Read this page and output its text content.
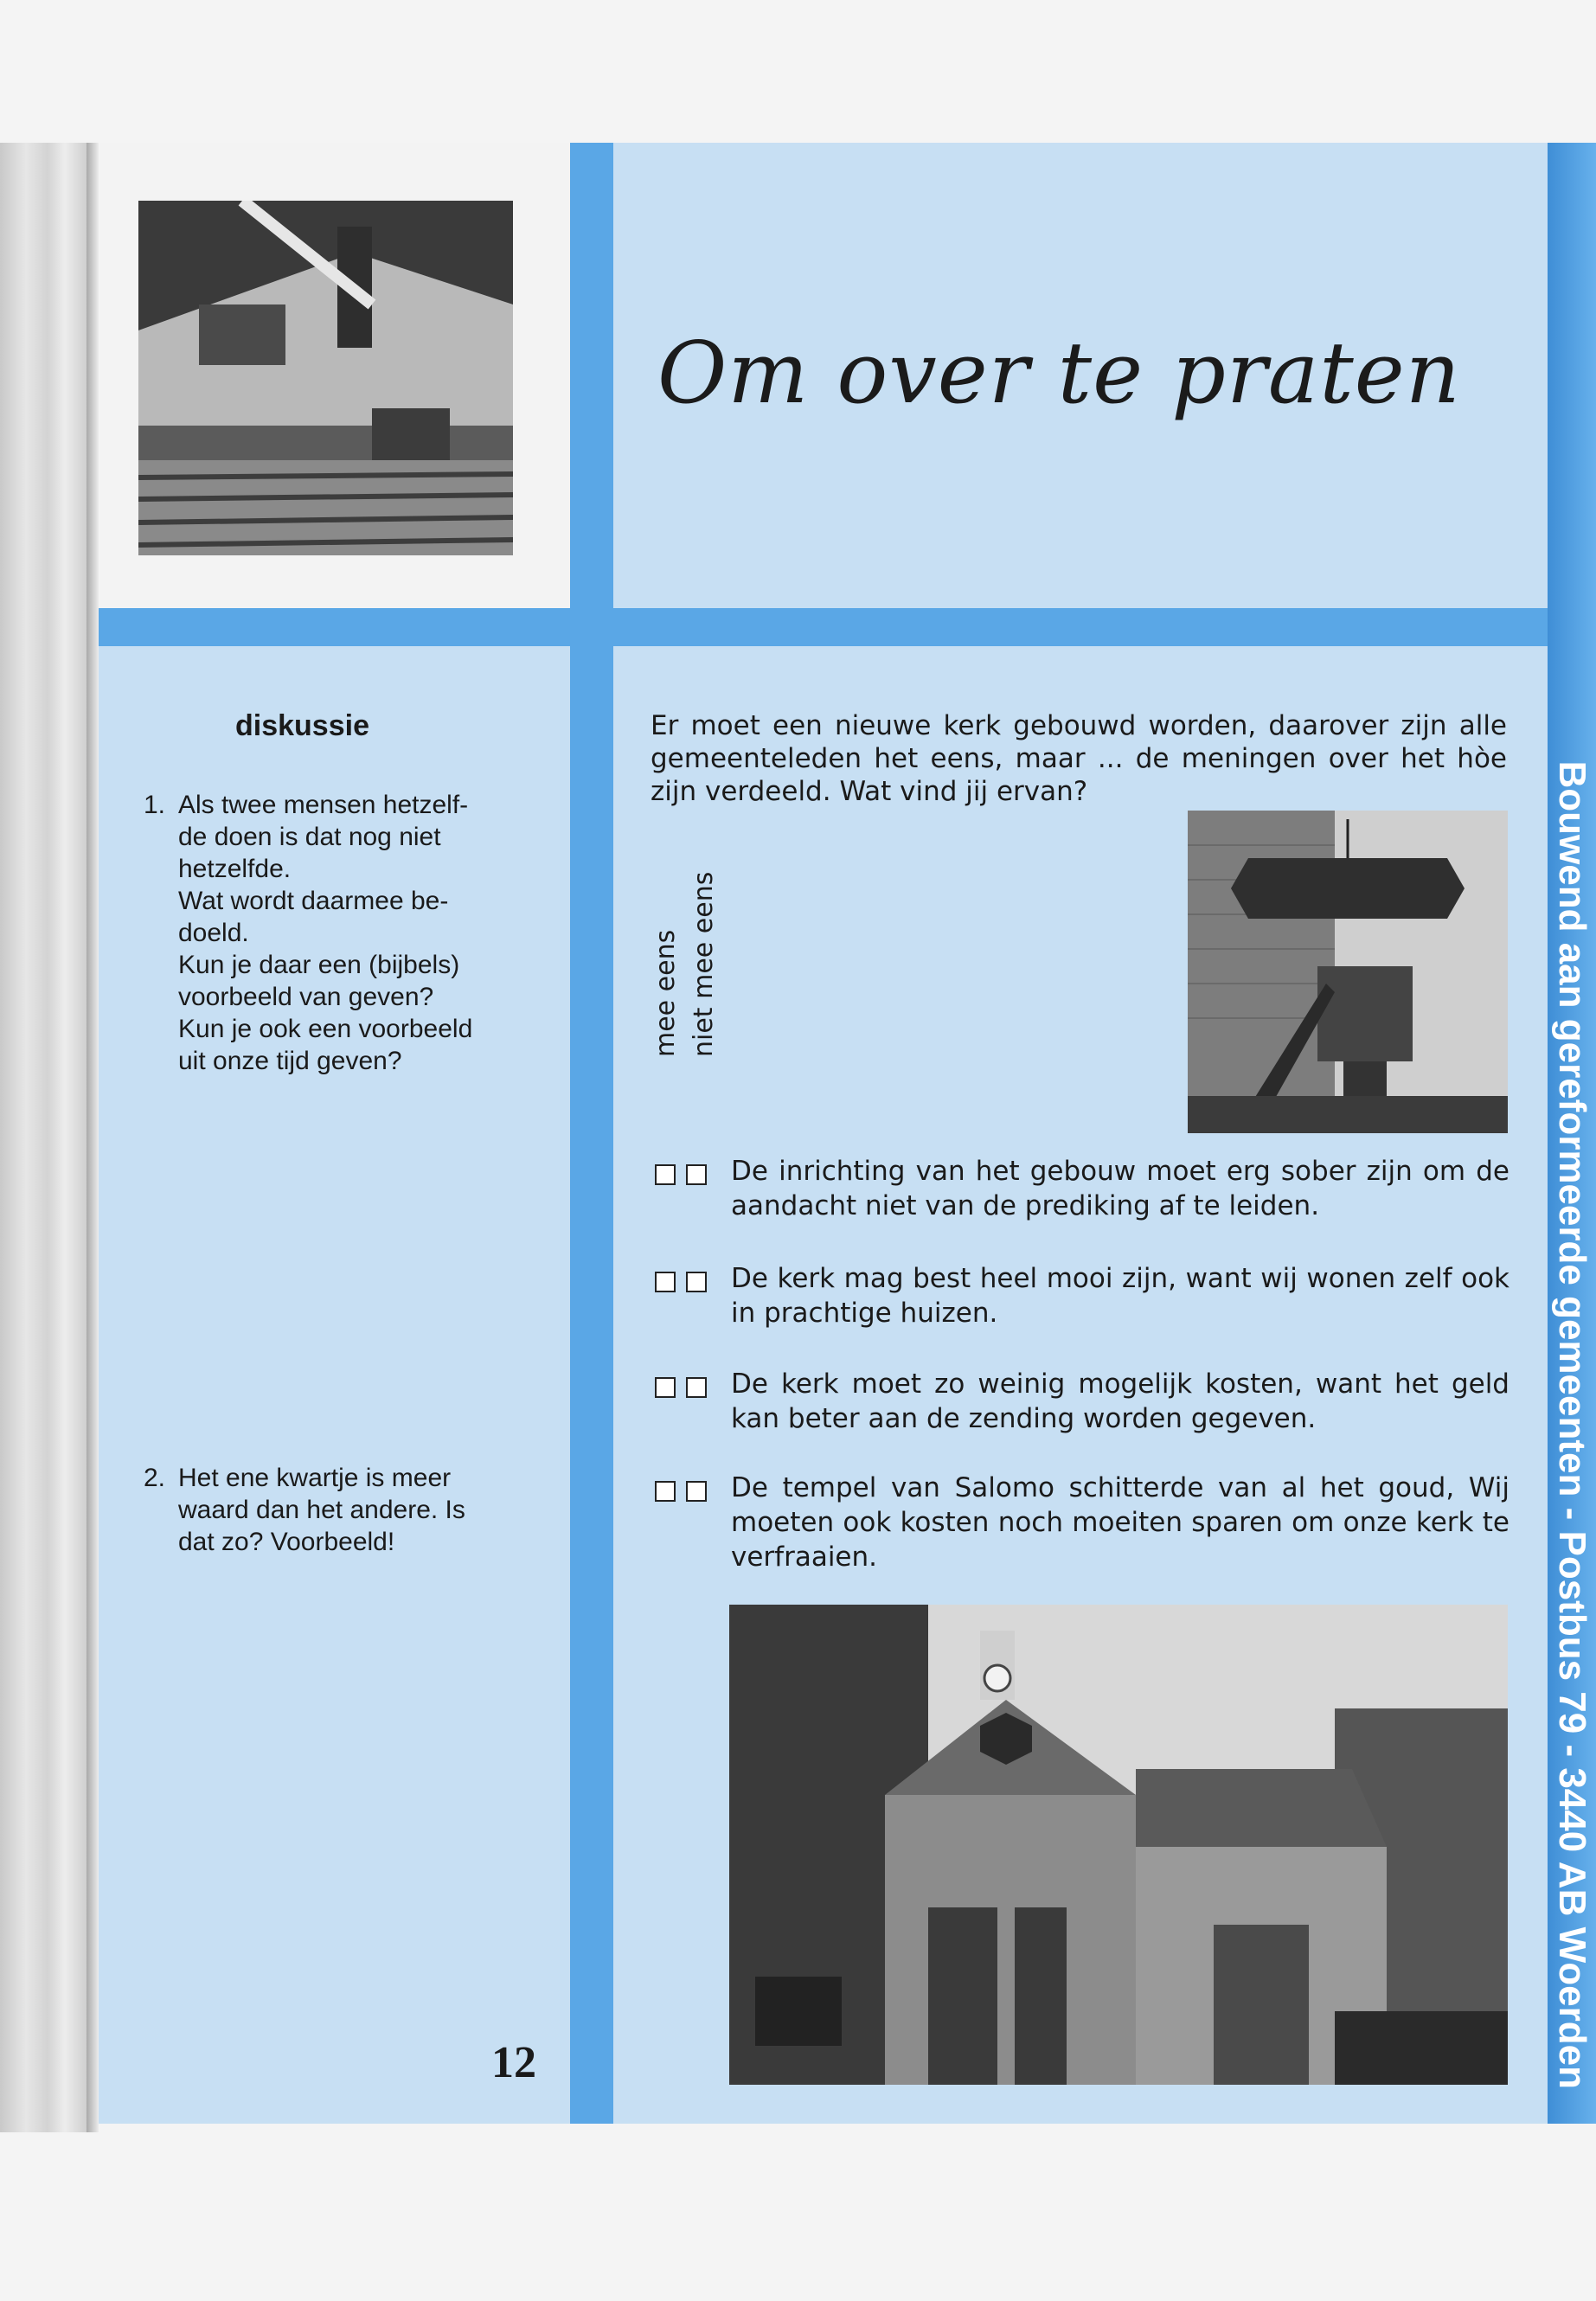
Om over te praten
Bouwend aan gereformeerde gemeenten - Postbus 79 - 3440 AB Woerden
diskussie
1. Als twee mensen hetzelf-
de doen is dat nog niet
hetzelfde.
Wat wordt daarmee be-
doeld.
Kun je daar een (bijbels)
voorbeeld van geven?
Kun je ook een voorbeeld
uit onze tijd geven?
2. Het ene kwartje is meer
waard dan het andere. Is
dat zo? Voorbeeld!
12
Er moet een nieuwe kerk gebouwd worden, daarover zijn alle gemeenteleden het eens, maar ... de meningen over het hòe zijn verdeeld. Wat vind jij ervan?
mee eens niet mee eens
De inrichting van het gebouw moet erg sober zijn om de aandacht niet van de prediking af te leiden.
De kerk mag best heel mooi zijn, want wij wonen zelf ook in prachtige huizen.
De kerk moet zo weinig mogelijk kosten, want het geld kan beter aan de zending worden gegeven.
De tempel van Salomo schitterde van al het goud, Wij moeten ook kosten noch moeiten sparen om onze kerk te verfraaien.
